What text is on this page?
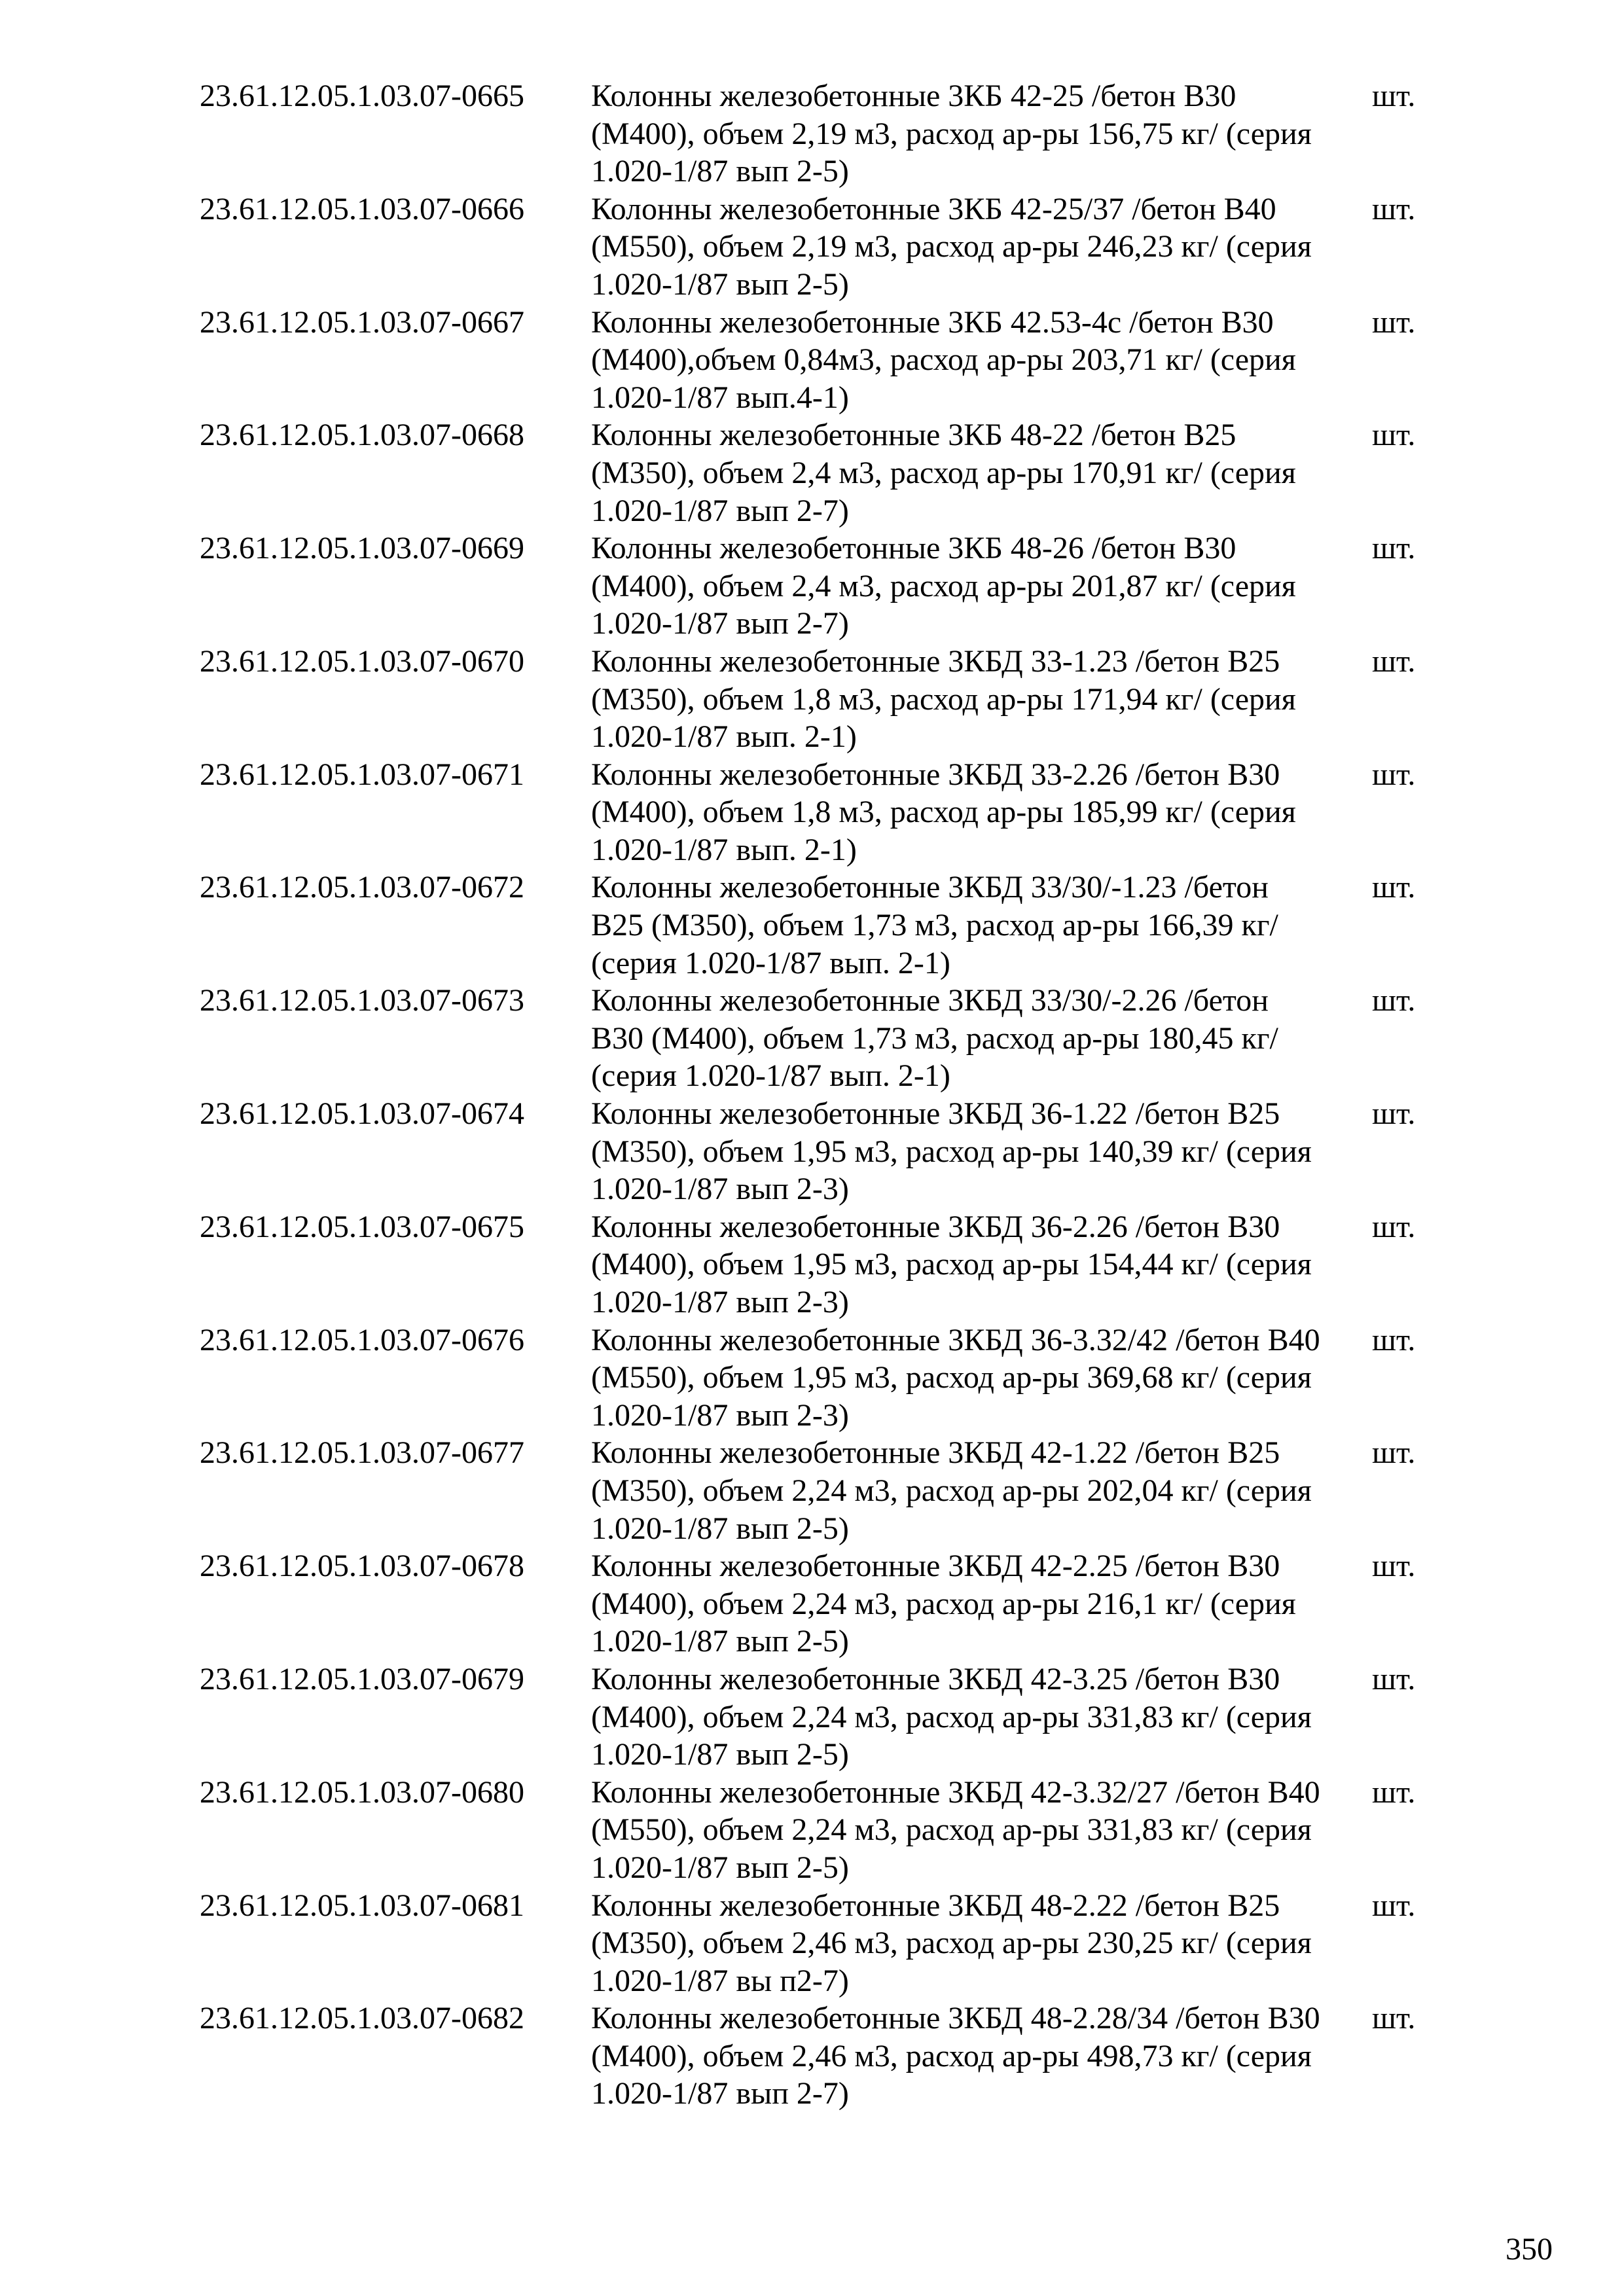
23.61.12.05.1.03.07-0665	Колонны железобетонные 3КБ 42-25 /бетон В30
(М400), объем 2,19 м3, расход ар-ры 156,75 кг/ (серия
1.020-1/87 вып 2-5)	шт.
23.61.12.05.1.03.07-0666	Колонны железобетонные 3КБ 42-25/37 /бетон В40
(М550), объем 2,19 м3, расход ар-ры 246,23 кг/ (серия
1.020-1/87 вып 2-5)	шт.
23.61.12.05.1.03.07-0667	Колонны железобетонные 3КБ 42.53-4с /бетон В30
(М400),объем 0,84м3, расход ар-ры 203,71 кг/ (серия
1.020-1/87 вып.4-1)	шт.
23.61.12.05.1.03.07-0668	Колонны железобетонные 3КБ 48-22 /бетон В25
(М350), объем 2,4 м3, расход ар-ры 170,91 кг/ (серия
1.020-1/87 вып 2-7)	шт.
23.61.12.05.1.03.07-0669	Колонны железобетонные 3КБ 48-26 /бетон В30
(М400), объем 2,4 м3, расход ар-ры 201,87 кг/ (серия
1.020-1/87 вып 2-7)	шт.
23.61.12.05.1.03.07-0670	Колонны железобетонные 3КБД 33-1.23 /бетон В25
(М350), объем 1,8 м3, расход ар-ры 171,94 кг/ (серия
1.020-1/87 вып. 2-1)	шт.
23.61.12.05.1.03.07-0671	Колонны железобетонные 3КБД 33-2.26 /бетон В30
(М400), объем 1,8 м3, расход ар-ры 185,99 кг/ (серия
1.020-1/87 вып. 2-1)	шт.
23.61.12.05.1.03.07-0672	Колонны железобетонные 3КБД 33/30/-1.23 /бетон
В25 (М350), объем 1,73 м3, расход ар-ры 166,39 кг/
(серия 1.020-1/87 вып. 2-1)	шт.
23.61.12.05.1.03.07-0673	Колонны железобетонные 3КБД 33/30/-2.26 /бетон
В30 (М400), объем 1,73 м3, расход ар-ры 180,45 кг/
(серия 1.020-1/87 вып. 2-1)	шт.
23.61.12.05.1.03.07-0674	Колонны железобетонные 3КБД 36-1.22 /бетон В25
(М350), объем 1,95 м3, расход ар-ры 140,39 кг/ (серия
1.020-1/87 вып 2-3)	шт.
23.61.12.05.1.03.07-0675	Колонны железобетонные 3КБД 36-2.26 /бетон В30
(М400), объем 1,95 м3, расход ар-ры 154,44 кг/ (серия
1.020-1/87 вып 2-3)	шт.
23.61.12.05.1.03.07-0676	Колонны железобетонные 3КБД 36-3.32/42 /бетон В40
(М550), объем 1,95 м3, расход ар-ры 369,68 кг/ (серия
1.020-1/87 вып 2-3)	шт.
23.61.12.05.1.03.07-0677	Колонны железобетонные 3КБД 42-1.22 /бетон В25
(М350), объем 2,24 м3, расход ар-ры 202,04 кг/ (серия
1.020-1/87 вып 2-5)	шт.
23.61.12.05.1.03.07-0678	Колонны железобетонные 3КБД 42-2.25 /бетон В30
(М400), объем 2,24 м3, расход ар-ры 216,1 кг/ (серия
1.020-1/87 вып 2-5)	шт.
23.61.12.05.1.03.07-0679	Колонны железобетонные 3КБД 42-3.25 /бетон В30
(М400), объем 2,24 м3, расход ар-ры 331,83 кг/ (серия
1.020-1/87 вып 2-5)	шт.
23.61.12.05.1.03.07-0680	Колонны железобетонные 3КБД 42-3.32/27 /бетон В40
(М550), объем 2,24 м3, расход ар-ры 331,83 кг/ (серия
1.020-1/87 вып 2-5)	шт.
23.61.12.05.1.03.07-0681	Колонны железобетонные 3КБД 48-2.22 /бетон В25
(М350), объем 2,46 м3, расход ар-ры 230,25 кг/ (серия
1.020-1/87 вы п2-7)	шт.
23.61.12.05.1.03.07-0682	Колонны железобетонные 3КБД 48-2.28/34 /бетон В30
(М400), объем 2,46 м3, расход ар-ры 498,73 кг/ (серия
1.020-1/87 вып 2-7)	шт.
350
